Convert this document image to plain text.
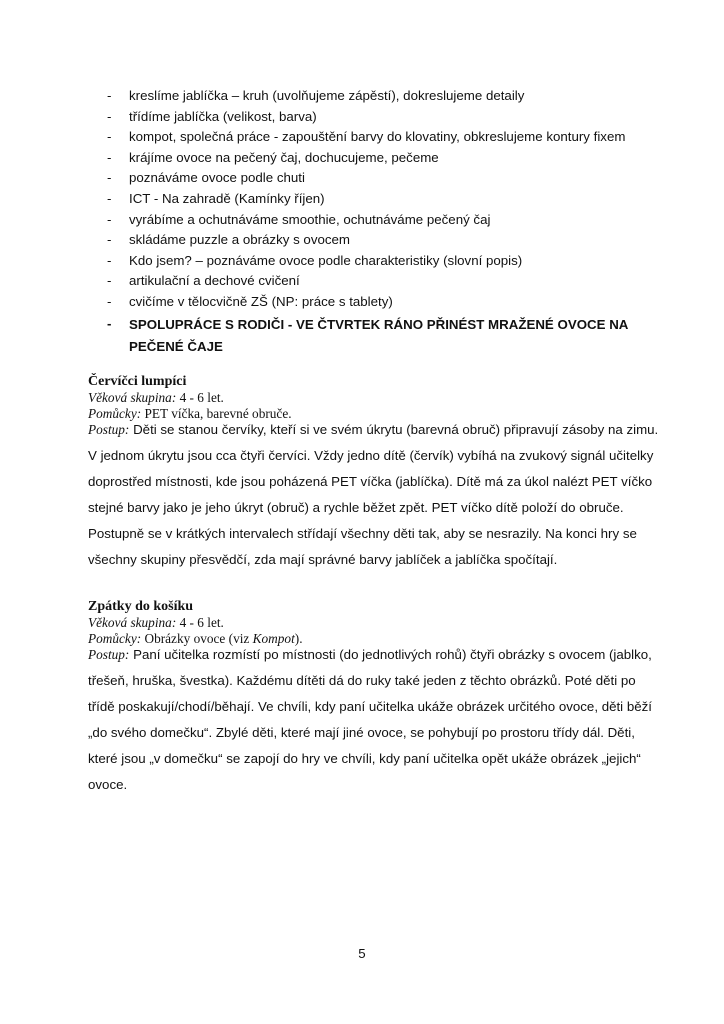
- kreslíme jablíčka – kruh (uvolňujeme zápěstí), dokreslujeme detaily
- třídíme jablíčka (velikost, barva)
- kompot, společná práce - zapouštění barvy do klovatiny, obkreslujeme kontury fixem
- krájíme ovoce na pečený čaj, dochucujeme, pečeme
- poznáváme ovoce podle chuti
- ICT - Na zahradě (Kamínky říjen)
- vyrábíme a ochutnáváme smoothie, ochutnáváme pečený čaj
- skládáme puzzle a obrázky s ovocem
- Kdo jsem? – poznáváme ovoce podle charakteristiky (slovní popis)
- artikulační a dechové cvičení
- cvičíme v tělocvičně ZŠ (NP: práce s tablety)
- SPOLUPRÁCE S RODIČI - VE ČTVRTEK RÁNO PŘINÉST MRAŽENÉ OVOCE NA PEČENÉ ČAJE
Červíčci lumpíci
Věková skupina: 4 - 6 let.
Pomůcky: PET víčka, barevné obruče.

Postup: Děti se stanou červíky, kteří si ve svém úkrytu (barevná obruč) připravují zásoby na zimu. V jednom úkrytu jsou cca čtyři červíci. Vždy jedno dítě (červík) vybíhá na zvukový signál učitelky doprostřed místnosti, kde jsou poházená PET víčka (jablíčka). Dítě má za úkol nalézt PET víčko stejné barvy jako je jeho úkryt (obruč) a rychle běžet zpět. PET víčko dítě položí do obruče. Postupně se v krátkých intervalech střídají všechny děti tak, aby se nesrazily. Na konci hry se všechny skupiny přesvědčí, zda mají správné barvy jablíček a jablíčka spočítají.

Zpátky do košíku
Věková skupina: 4 - 6 let.
Pomůcky: Obrázky ovoce (viz Kompot).

Postup: Paní učitelka rozmístí po místnosti (do jednotlivých rohů) čtyři obrázky s ovocem (jablko, třešeň, hruška, švestka). Každému dítěti dá do ruky také jeden z těchto obrázků. Poté děti po třídě poskakují/chodí/běhají. Ve chvíli, kdy paní učitelka ukáže obrázek určitého ovoce, děti běží „do svého domečku“. Zbylé děti, které mají jiné ovoce, se pohybují po prostoru třídy dál. Děti, které jsou „v domečku“ se zapojí do hry ve chvíli, kdy paní učitelka opět ukáže obrázek „jejich“ ovoce.

5
